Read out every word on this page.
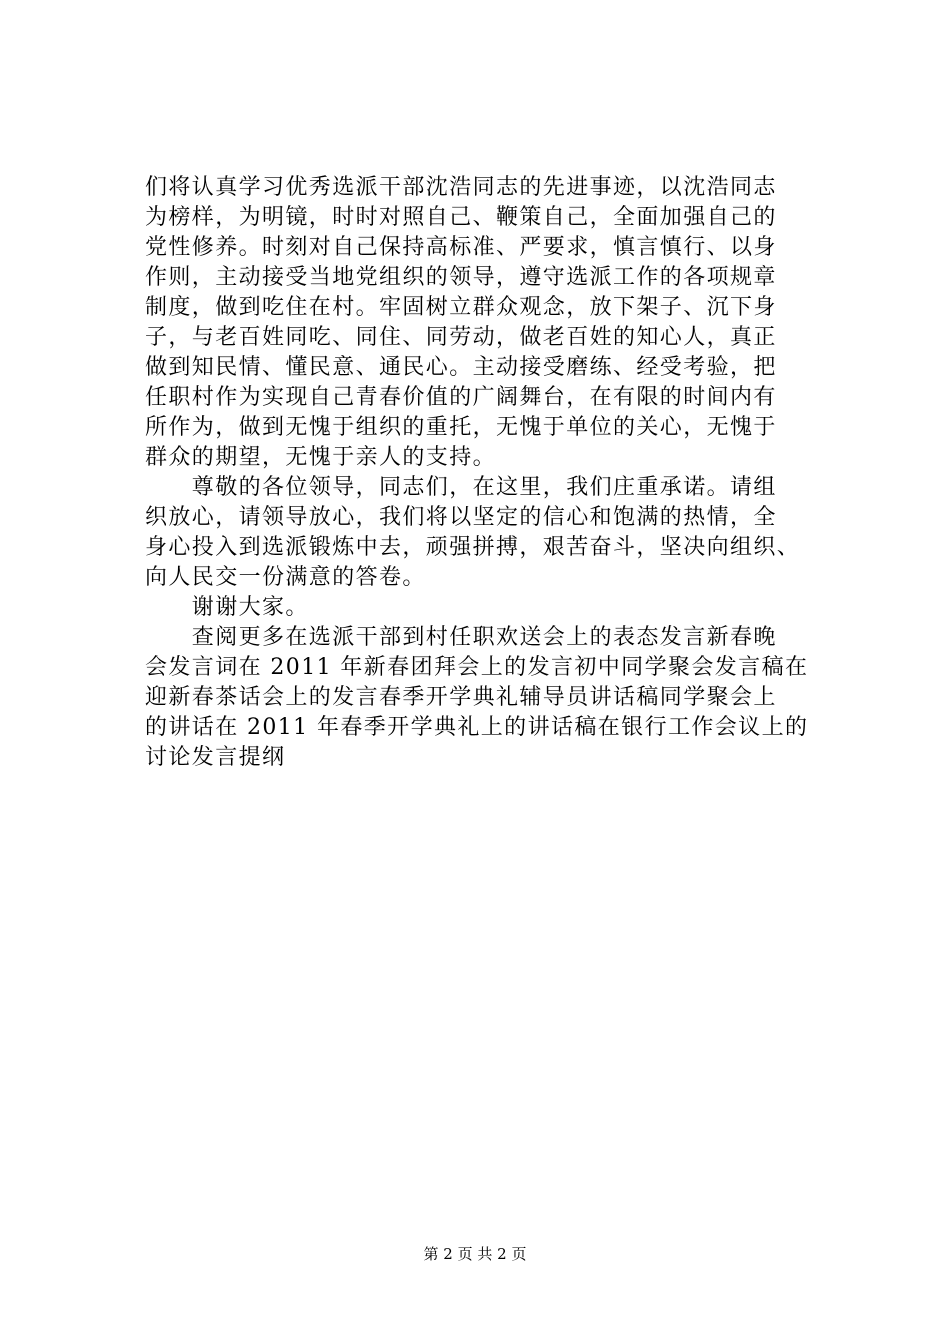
们将认真学习优秀选派干部沈浩同志的先进事迹，以沈浩同志
为榜样，为明镜，时时对照自己、鞭策自己，全面加强自己的
党性修养。时刻对自己保持高标准、严要求，慎言慎行、以身
作则，主动接受当地党组织的领导，遵守选派工作的各项规章
制度，做到吃住在村。牢固树立群众观念，放下架子、沉下身
子，与老百姓同吃、同住、同劳动，做老百姓的知心人，真正
做到知民情、懂民意、通民心。主动接受磨练、经受考验，把
任职村作为实现自己青春价值的广阔舞台，在有限的时间内有
所作为，做到无愧于组织的重托，无愧于单位的关心，无愧于
群众的期望，无愧于亲人的支持。
　　尊敬的各位领导，同志们，在这里，我们庄重承诺。请组
织放心，请领导放心，我们将以坚定的信心和饱满的热情，全
身心投入到选派锻炼中去，顽强拼搏，艰苦奋斗，坚决向组织、
向人民交一份满意的答卷。
　　谢谢大家。
　　查阅更多在选派干部到村任职欢送会上的表态发言新春晚
会发言词在 2011 年新春团拜会上的发言初中同学聚会发言稿在
迎新春茶话会上的发言春季开学典礼辅导员讲话稿同学聚会上
的讲话在 2011 年春季开学典礼上的讲话稿在银行工作会议上的
讨论发言提纲
第 2 页 共 2 页
